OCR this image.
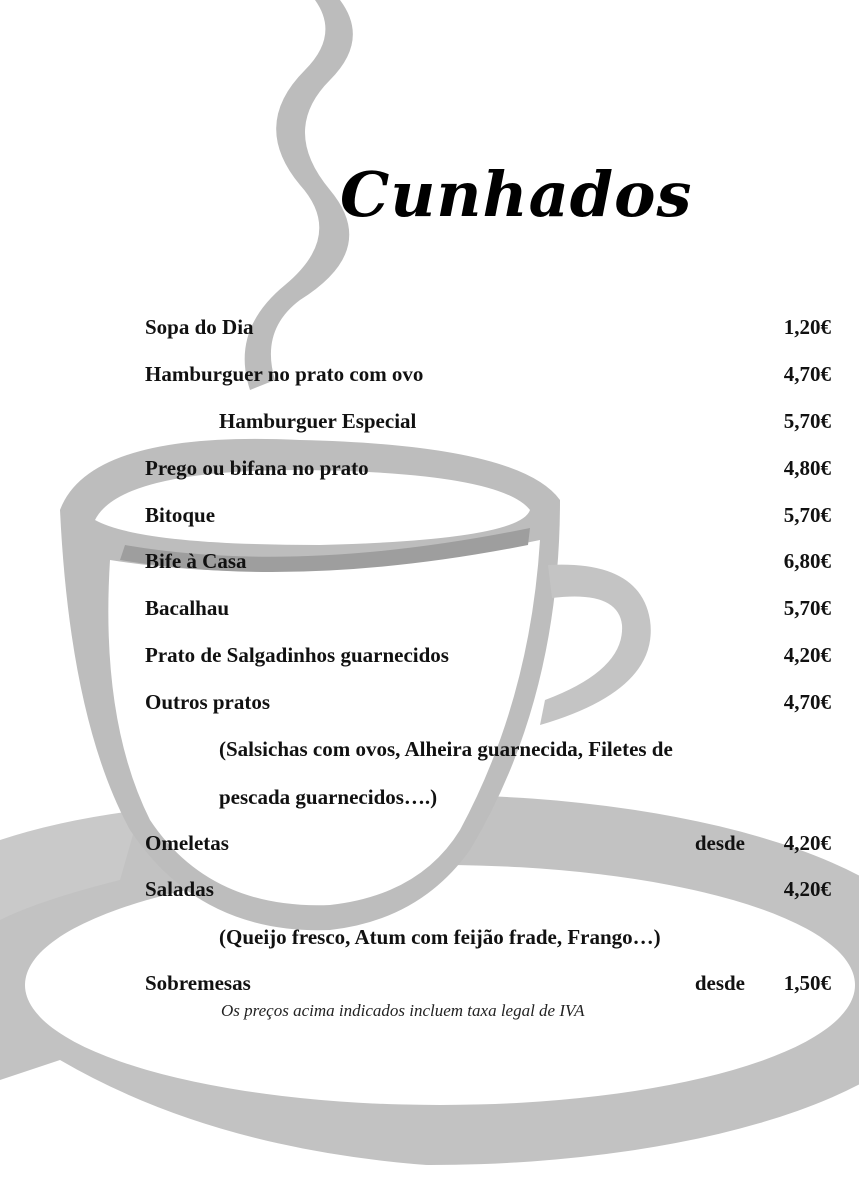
Cunhados
Sopa do Dia	1,20€
Hamburguer no prato com ovo	4,70€
Hamburguer Especial	5,70€
Prego ou bifana no prato	4,80€
Bitoque	5,70€
Bife à Casa	6,80€
Bacalhau	5,70€
Prato de Salgadinhos guarnecidos	4,20€
Outros pratos	4,70€
(Salsichas com ovos, Alheira guarnecida, Filetes de
pescada guarnecidos….)
Omeletas	desde 4,20€
Saladas	4,20€
(Queijo fresco, Atum com feijão frade, Frango…)
Sobremesas	desde 1,50€
Os preços acima indicados incluem taxa legal de IVA
